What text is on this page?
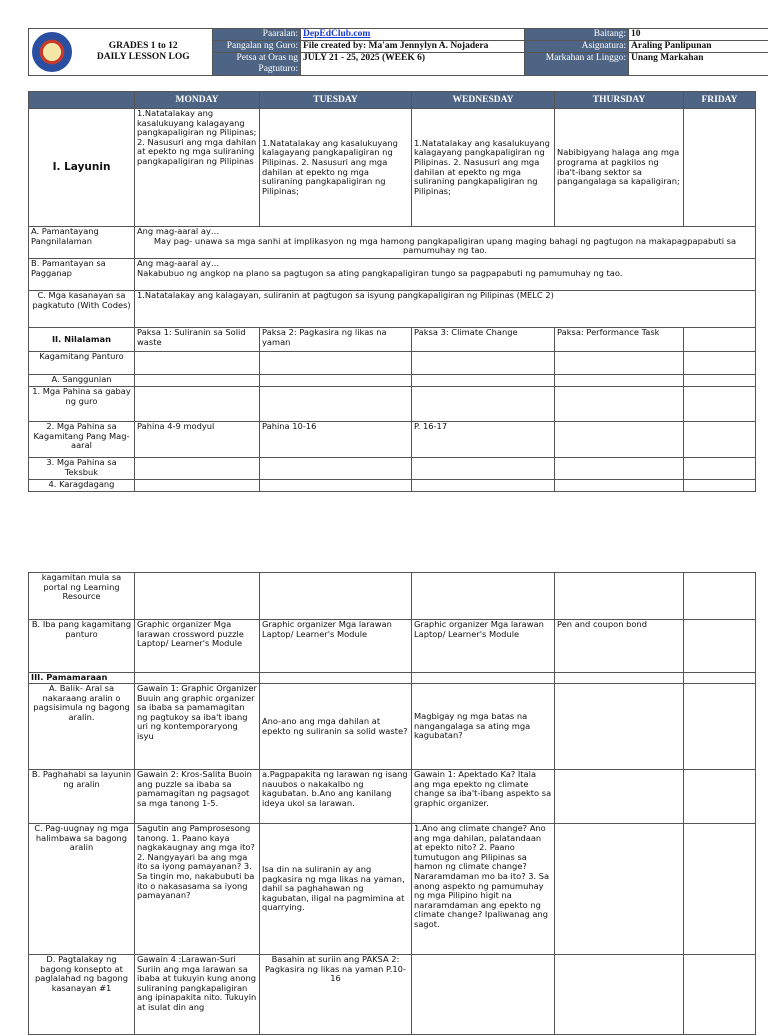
	GRADES 1 to 12
DAILY LESSON LOG	Paaralan:	DepEdClub.com	Baitang:	10
		Pangalan ng Guro:	File created by: Ma'am Jennylyn A. Nojadera	Asignatura:	Araling Panlipunan
		Petsa at Oras ng Pagtuturo:	JULY 21 - 25, 2025 (WEEK 6)	Markahan at Linggo:	Unang Markahan
	MONDAY	TUESDAY	WEDNESDAY	THURSDAY	FRIDAY
I. Layunin	1.Natatalakay ang kasalukuyang kalagayang pangkapaligiran ng Pilipinas; 2. Nasusuri ang mga dahilan at epekto ng mga suliraning pangkapaligiran ng Pilipinas	1.Natatalakay ang kasalukuyang kalagayang pangkapaligiran ng Pilipinas. 2. Nasusuri ang mga dahilan at epekto ng mga suliraning pangkapaligiran ng Pilipinas;	1.Natatalakay ang kasalukuyang kalagayang pangkapaligiran ng Pilipinas. 2. Nasusuri ang mga dahilan at epekto ng mga suliraning pangkapaligiran ng Pilipinas;	Nabibigyang halaga ang mga programa at pagkilos ng iba't-ibang sektor sa pangangalaga sa kapaligiran;	
A. Pamantayang Pangnilalaman	Ang mag-aaral ay…
May pag- unawa sa mga sanhi at implikasyon ng mga hamong pangkapaligiran upang maging bahagi ng pagtugon na makapagpapabuti sa pamumuhay ng tao.				

B. Pamantayan sa Pagganap	Ang mag-aaral ay…
Nakabubuo ng angkop na plano sa pagtugon sa ating pangkapaligiran tungo sa pagpapabuti ng pamumuhay ng tao.				

C. Mga kasanayan sa pagkatuto (With Codes)	1.Natatalakay ang kalagayan, suliranin at pagtugon sa isyung pangkapaligiran ng Pilipinas (MELC 2)				
II. Nilalaman	Paksa 1: Suliranin sa Solid waste	Paksa 2: Pagkasira ng likas na yaman	Paksa 3: Climate Change	Paksa: Performance Task	
Kagamitang Panturo					
A. Sanggunian					
1. Mga Pahina sa gabay ng guro					
2. Mga Pahina sa Kagamitang Pang Mag-aaral	Pahina 4-9 modyul	Pahina 10-16	P. 16-17		
3. Mga Pahina sa Teksbuk					
4. Karagdagang					
kagamitan mula sa portal ng Learning Resource					
B. Iba pang kagamitang panturo	Graphic organizer Mga larawan crossword puzzle Laptop/ Learner's Module	Graphic organizer Mga larawan Laptop/ Learner's Module	Graphic organizer Mga larawan Laptop/ Learner's Module	Pen and coupon bond	
III. Pamamaraan					
A. Balik- Aral sa nakaraang aralin o pagsisimula ng bagong aralin.	Gawain 1: Graphic Organizer Buuin ang graphic organizer sa ibaba sa pamamagitan ng pagtukoy sa iba't ibang uri ng kontemporaryong isyu	Ano-ano ang mga dahilan at epekto ng suliranin sa solid waste?	Magbigay ng mga batas na nangangalaga sa ating mga kagubatan?		
B. Paghahabi sa layunin ng aralin	Gawain 2: Kros-Salita Buoin ang puzzle sa ibaba sa pamamagitan ng pagsagot sa mga tanong 1-5.	a.Pagpapakita ng larawan ng isang nauubos o nakakalbo ng kagubatan. b.Ano ang kanilang ideya ukol sa larawan.	Gawain 1: Apektado Ka? Itala ang mga epekto ng climate change sa iba't-ibang aspekto sa graphic organizer.		
C. Pag-uugnay ng mga halimbawa sa bagong aralin	Sagutin ang Pamprosesong tanong. 1. Paano kaya nagkakaugnay ang mga ito? 2. Nangyayari ba ang mga ito sa iyong pamayanan? 3. Sa tingin mo, nakabubuti ba ito o nakasasama sa iyong pamayanan?	Isa din na suliranin ay ang pagkasira ng mga likas na yaman, dahil sa paghahawan ng kagubatan, iligal na pagmimina at quarrying.	1.Ano ang climate change? Ano ang mga dahilan, palatandaan at epekto nito? 2. Paano tumutugon ang Pilipinas sa hamon ng climate change? Nararamdaman mo ba ito? 3. Sa anong aspekto ng pamumuhay ng mga Pilipino higit na nararamdaman ang epekto ng climate change? Ipaliwanag ang sagot.		
D. Pagtalakay ng bagong konsepto at paglalahad ng bagong kasanayan #1	Gawain 4 :Larawan-Suri Suriin ang mga larawan sa ibaba at tukuyin kung anong suliraning pangkapaligiran ang ipinapakita nito. Tukuyin at isulat din ang	Basahin at suriin ang PAKSA 2: Pagkasira ng likas na yaman P.10-16			
